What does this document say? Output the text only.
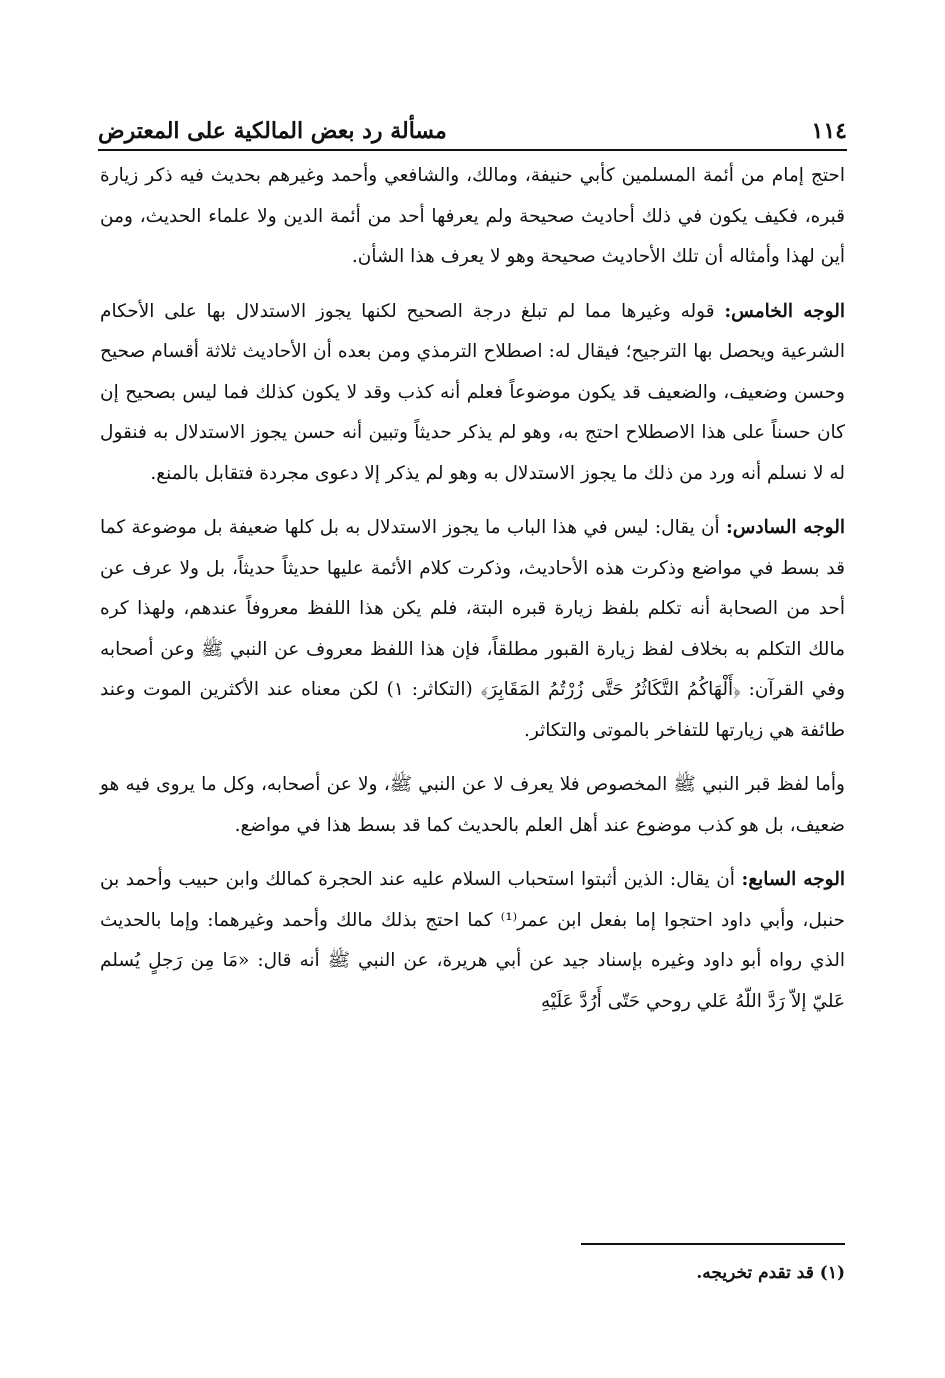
١١٤
مسألة رد بعض المالكية على المعترض

احتج إمام من أئمة المسلمين كأبي حنيفة، ومالك، والشافعي وأحمد وغيرهم بحديث فيه ذكر زيارة قبره، فكيف يكون في ذلك أحاديث صحيحة ولم يعرفها أحد من أئمة الدين ولا علماء الحديث، ومن أين لهذا وأمثاله أن تلك الأحاديث صحيحة وهو لا يعرف هذا الشأن.

الوجه الخامس: قوله وغيرها مما لم تبلغ درجة الصحيح لكنها يجوز الاستدلال بها على الأحكام الشرعية ويحصل بها الترجيح؛ فيقال له: اصطلاح الترمذي ومن بعده أن الأحاديث ثلاثة أقسام صحيح وحسن وضعيف، والضعيف قد يكون موضوعاً فعلم أنه كذب وقد لا يكون كذلك فما ليس بصحيح إن كان حسناً على هذا الاصطلاح احتج به، وهو لم يذكر حديثاً وتبين أنه حسن يجوز الاستدلال به فنقول له لا نسلم أنه ورد من ذلك ما يجوز الاستدلال به وهو لم يذكر إلا دعوى مجردة فتقابل بالمنع.

الوجه السادس: أن يقال: ليس في هذا الباب ما يجوز الاستدلال به بل كلها ضعيفة بل موضوعة كما قد بسط في مواضع وذكرت هذه الأحاديث، وذكرت كلام الأئمة عليها حديثاً حديثاً، بل ولا عرف عن أحد من الصحابة أنه تكلم بلفظ زيارة قبره البتة، فلم يكن هذا اللفظ معروفاً عندهم، ولهذا كره مالك التكلم به بخلاف لفظ زيارة القبور مطلقاً، فإن هذا اللفظ معروف عن النبي ﷺ وعن أصحابه وفي القرآن: ﴿أَلْهَاكُمُ التَّكَاثُرُ حَتَّى زُرْتُمُ المَقَابِرَ﴾ (التكاثر: ١) لكن معناه عند الأكثرين الموت وعند طائفة هي زيارتها للتفاخر بالموتى والتكاثر.

وأما لفظ قبر النبي ﷺ المخصوص فلا يعرف لا عن النبي ﷺ، ولا عن أصحابه، وكل ما يروى فيه هو ضعيف، بل هو كذب موضوع عند أهل العلم بالحديث كما قد بسط هذا في مواضع.

الوجه السابع: أن يقال: الذين أثبتوا استحباب السلام عليه عند الحجرة كمالك وابن حبيب وأحمد بن حنبل، وأبي داود احتجوا إما بفعل ابن عمر⁽¹⁾ كما احتج بذلك مالك وأحمد وغيرهما: وإما بالحديث الذي رواه أبو داود وغيره بإسناد جيد عن أبي هريرة، عن النبي ﷺ أنه قال: «مَا مِن رَجلٍ يُسلم عَليّ إلاّ رَدَّ اللّهُ عَلي روحي حَتّى أَرُدَّ عَلَيْهِ

(١) قد تقدم تخريجه.
